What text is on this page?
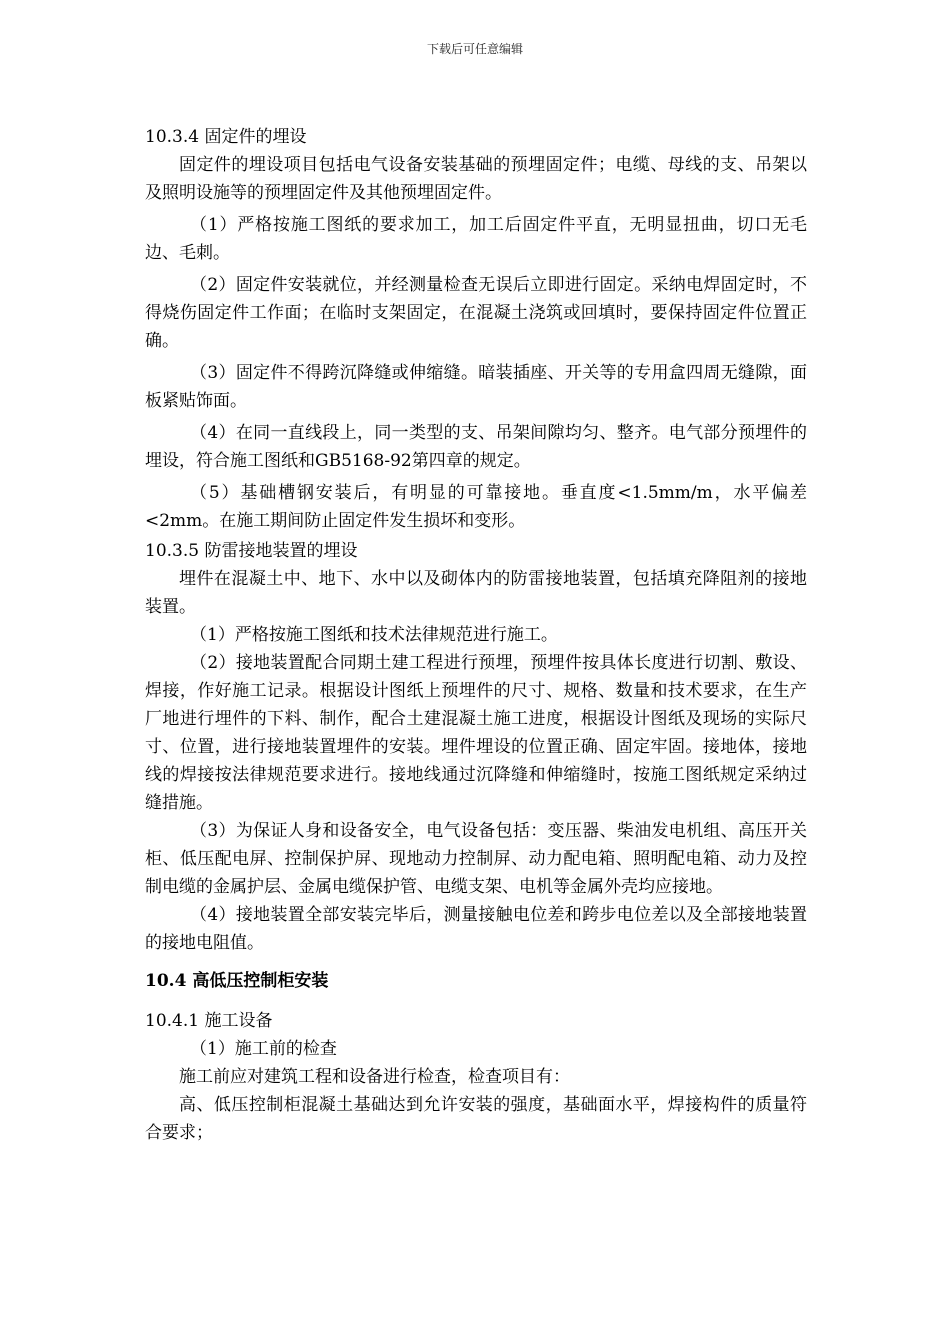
下载后可任意编辑

10.3.4 固定件的埋设

固定件的埋设项目包括电气设备安装基础的预埋固定件；电缆、母线的支、吊架以及照明设施等的预埋固定件及其他预埋固定件。

（1）严格按施工图纸的要求加工，加工后固定件平直，无明显扭曲，切口无毛边、毛刺。

（2）固定件安装就位，并经测量检查无误后立即进行固定。采纳电焊固定时，不得烧伤固定件工作面；在临时支架固定，在混凝土浇筑或回填时，要保持固定件位置正确。

（3）固定件不得跨沉降缝或伸缩缝。暗装插座、开关等的专用盒四周无缝隙，面板紧贴饰面。

（4）在同一直线段上，同一类型的支、吊架间隙均匀、整齐。电气部分预埋件的埋设，符合施工图纸和GB5168-92第四章的规定。

（5）基础槽钢安装后，有明显的可靠接地。垂直度<1.5mm/m，水平偏差<2mm。在施工期间防止固定件发生损坏和变形。

10.3.5 防雷接地装置的埋设

埋件在混凝土中、地下、水中以及砌体内的防雷接地装置，包括填充降阻剂的接地装置。

（1）严格按施工图纸和技术法律规范进行施工。

（2）接地装置配合同期土建工程进行预埋，预埋件按具体长度进行切割、敷设、焊接，作好施工记录。根据设计图纸上预埋件的尺寸、规格、数量和技术要求，在生产厂地进行埋件的下料、制作，配合土建混凝土施工进度，根据设计图纸及现场的实际尺寸、位置，进行接地装置埋件的安装。埋件埋设的位置正确、固定牢固。接地体，接地线的焊接按法律规范要求进行。接地线通过沉降缝和伸缩缝时，按施工图纸规定采纳过缝措施。

（3）为保证人身和设备安全，电气设备包括：变压器、柴油发电机组、高压开关柜、低压配电屏、控制保护屏、现地动力控制屏、动力配电箱、照明配电箱、动力及控制电缆的金属护层、金属电缆保护管、电缆支架、电机等金属外壳均应接地。

（4）接地装置全部安装完毕后，测量接触电位差和跨步电位差以及全部接地装置的接地电阻值。

10.4 高低压控制柜安装

10.4.1 施工设备

（1）施工前的检查

施工前应对建筑工程和设备进行检查，检查项目有：

高、低压控制柜混凝土基础达到允许安装的强度，基础面水平，焊接构件的质量符合要求；
